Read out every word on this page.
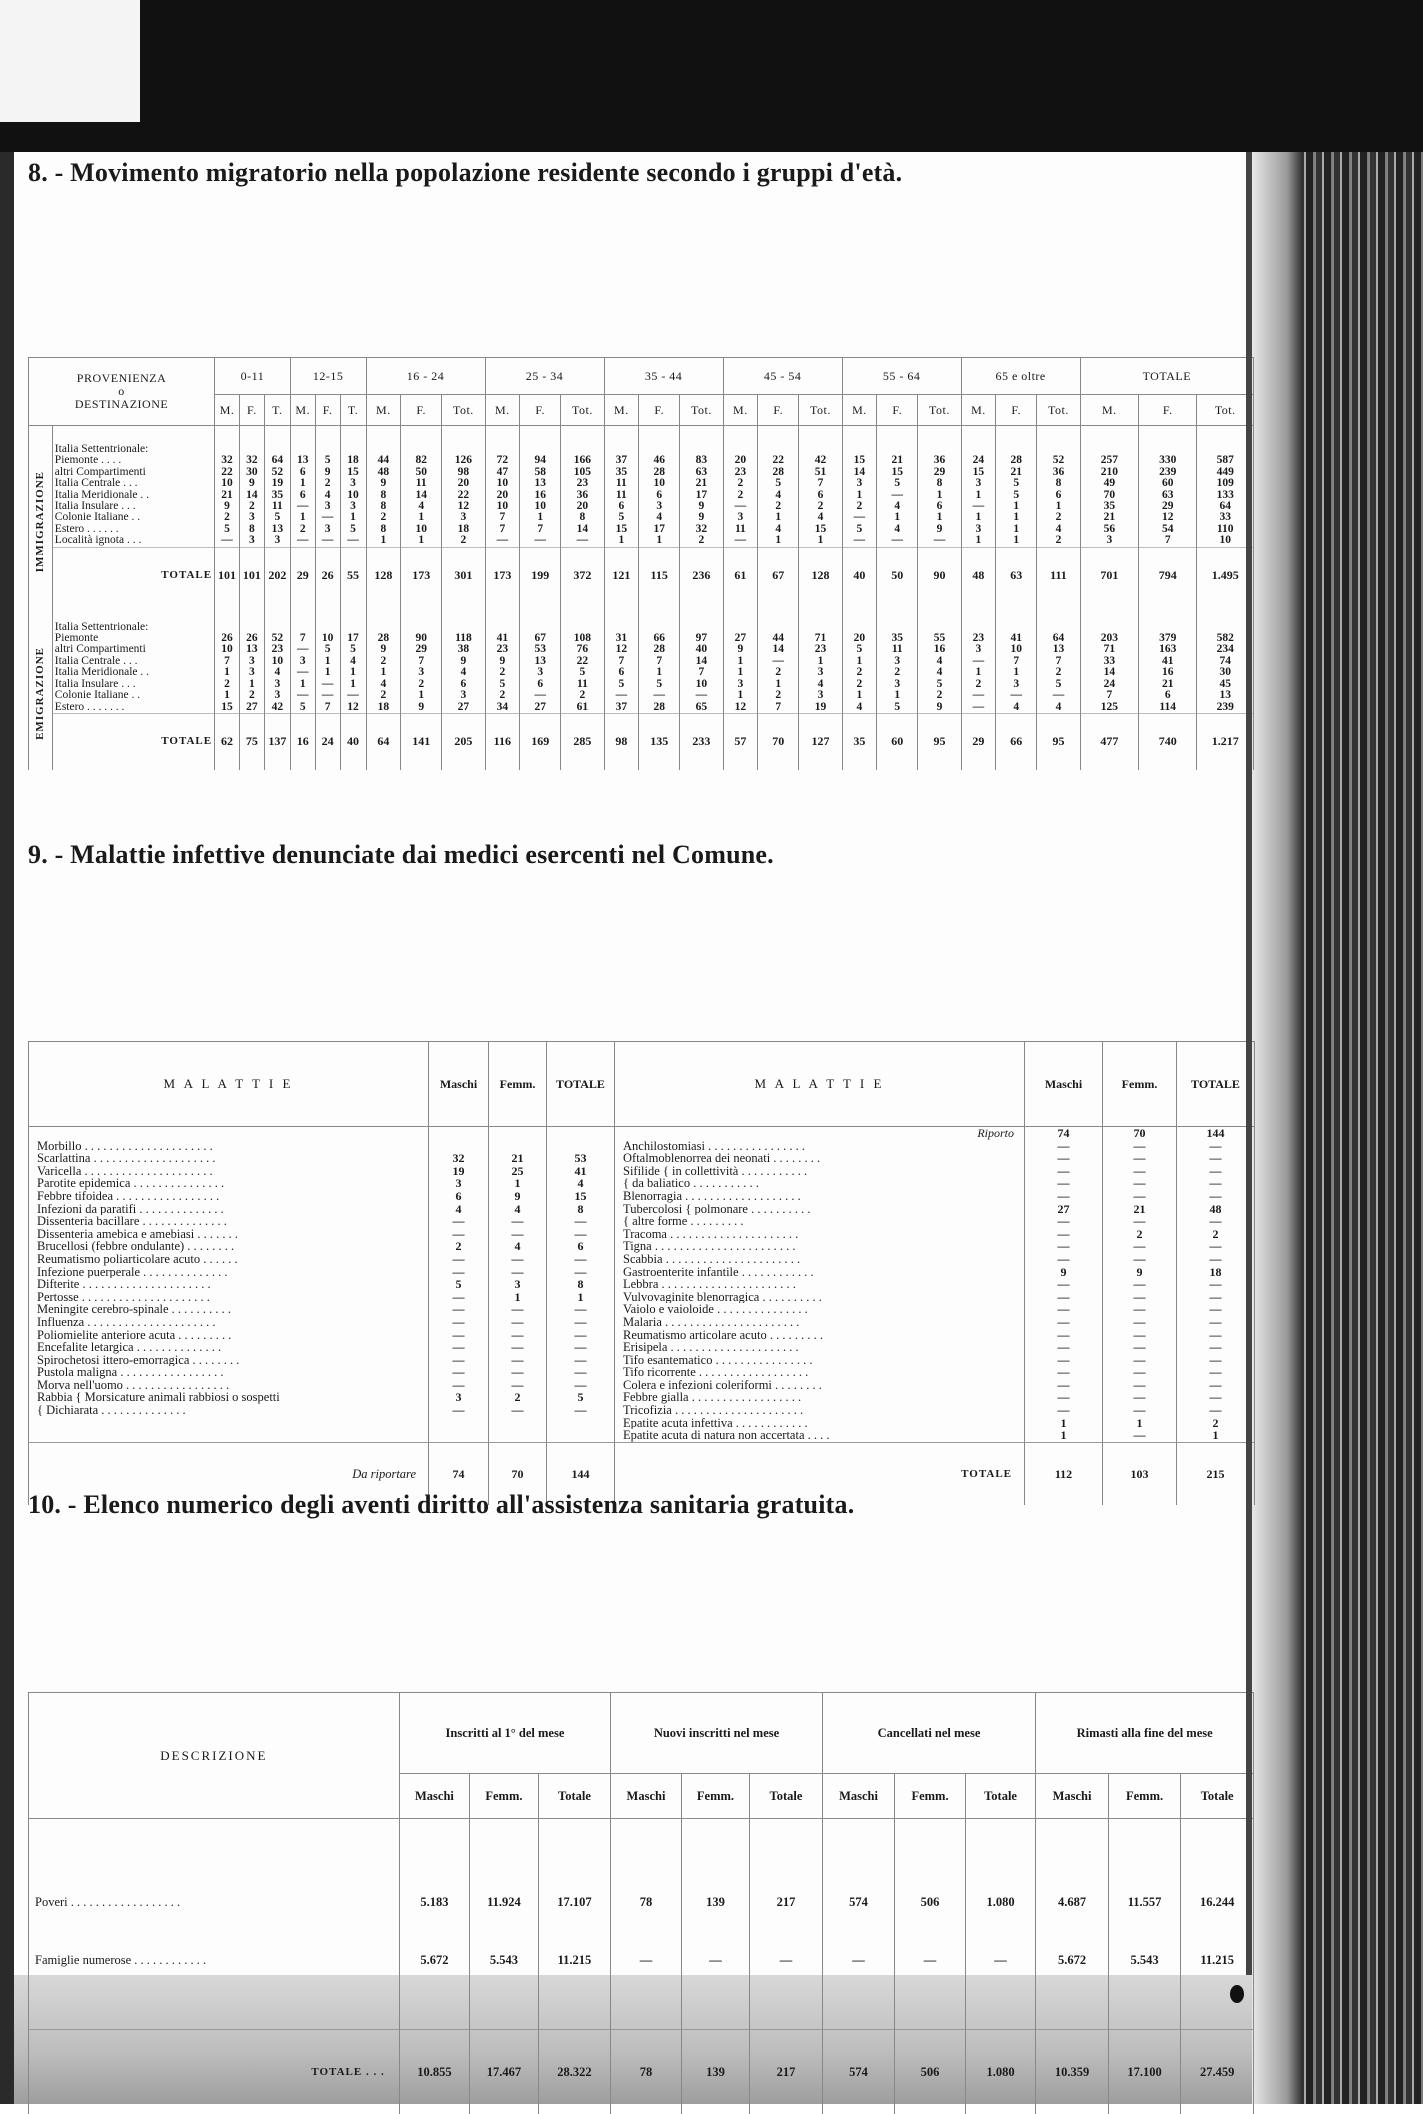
8. - Movimento migratorio nella popolazione residente secondo i gruppi d'età.
PROVENIENZA
o
DESTINAZIONE		0-11			12-15			16 - 24			25 - 34			35 - 44			45 - 54			55 - 64			65 e oltre			TOTALE		
		M.	F.	T.	M.	F.	T.	M.	F.	Tot.	M.	F.	Tot.	M.	F.	Tot.	M.	F.	Tot.	M.	F.	Tot.	M.	F.	Tot.	M.	F.	Tot.
IMMIGRAZIONE	Italia Settentrionale:																											
	Piemonte . . . .	32	32	64	13	5	18	44	82	126	72	94	166	37	46	83	20	22	42	15	21	36	24	28	52	257	330	587
	altri Compartimenti	22	30	52	6	9	15	48	50	98	47	58	105	35	28	63	23	28	51	14	15	29	15	21	36	210	239	449
	Italia Centrale . . .	10	9	19	1	2	3	9	11	20	10	13	23	11	10	21	2	5	7	3	5	8	3	5	8	49	60	109
	Italia Meridionale . .	21	14	35	6	4	10	8	14	22	20	16	36	11	6	17	2	4	6	1	—	1	1	5	6	70	63	133
	Italia Insulare . . .	9	2	11	—	3	3	8	4	12	10	10	20	6	3	9	—	2	2	2	4	6	—	1	1	35	29	64
	Colonie Italiane . .	2	3	5	1	—	1	2	1	3	7	1	8	5	4	9	3	1	4	—	1	1	1	1	2	21	12	33
	Estero . . . . . .	5	8	13	2	3	5	8	10	18	7	7	14	15	17	32	11	4	15	5	4	9	3	1	4	56	54	110
	Località ignota . . .	—	3	3	—	—	—	1	1	2	—	—	—	1	1	2	—	1	1	—	—	—	1	1	2	3	7	10
	TOTALE	101	101	202	29	26	55	128	173	301	173	199	372	121	115	236	61	67	128	40	50	90	48	63	111	701	794	1.495
EMIGRAZIONE	Italia Settentrionale:																											
	Piemonte	26	26	52	7	10	17	28	90	118	41	67	108	31	66	97	27	44	71	20	35	55	23	41	64	203	379	582
	altri Compartimenti	10	13	23	—	5	5	9	29	38	23	53	76	12	28	40	9	14	23	5	11	16	3	10	13	71	163	234
	Italia Centrale . . .	7	3	10	3	1	4	2	7	9	9	13	22	7	7	14	1	—	1	1	3	4	—	7	7	33	41	74
	Italia Meridionale . .	1	3	4	—	1	1	1	3	4	2	3	5	6	1	7	1	2	3	2	2	4	1	1	2	14	16	30
	Italia Insulare . . .	2	1	3	1	—	1	4	2	6	5	6	11	5	5	10	3	1	4	2	3	5	2	3	5	24	21	45
	Colonie Italiane . .	1	2	3	—	—	—	2	1	3	2	—	2	—	—	—	1	2	3	1	1	2	—	—	—	7	6	13
	Estero . . . . . . .	15	27	42	5	7	12	18	9	27	34	27	61	37	28	65	12	7	19	4	5	9	—	4	4	125	114	239
	TOTALE	62	75	137	16	24	40	64	141	205	116	169	285	98	135	233	57	70	127	35	60	95	29	66	95	477	740	1.217
9. - Malattie infettive denunciate dai medici esercenti nel Comune.
M A L A T T I E	Maschi	Femm.	TOTALE	M A L A T T I E	Maschi	Femm.	TOTALE
				Riporto	74	70	144
Morbillo . . . . . . . . . . . . . . . . . . . . .				Anchilostomiasi . . . . . . . . . . . . . . . .	—	—	—
Scarlattina . . . . . . . . . . . . . . . . . . . .	32	21	53	Oftalmoblenorrea dei neonati . . . . . . . .	—	—	—
Varicella . . . . . . . . . . . . . . . . . . . . .	19	25	41	Sifilide { in collettività . . . . . . . . . . .	—	—	—
Parotite epidemica . . . . . . . . . . . . . . .	3	1	4	{ da baliatico . . . . . . . . . . .	—	—	—
Febbre tifoidea . . . . . . . . . . . . . . . . .	6	9	15	Blenorragia . . . . . . . . . . . . . . . . . . .	—	—	—
Infezioni da paratifi . . . . . . . . . . . . . .	4	4	8	Tubercolosi { polmonare . . . . . . . . . .	27	21	48
Dissenteria bacillare . . . . . . . . . . . . . .	—	—	—	{ altre forme . . . . . . . . .	—	—	—
Dissenteria amebica e amebiasi . . . . . . .	—	—	—	Tracoma . . . . . . . . . . . . . . . . . . . . .	—	2	2
Brucellosi (febbre ondulante) . . . . . . . .	2	4	6	Tigna . . . . . . . . . . . . . . . . . . . . . . .	—	—	—
Reumatismo poliarticolare acuto . . . . . .	—	—	—	Scabbia . . . . . . . . . . . . . . . . . . . . . .	—	—	—
Infezione puerperale . . . . . . . . . . . . . .	—	—	—	Gastroenterite infantile . . . . . . . . . . . .	9	9	18
Difterite . . . . . . . . . . . . . . . . . . . . .	5	3	8	Lebbra . . . . . . . . . . . . . . . . . . . . . .	—	—	—
Pertosse . . . . . . . . . . . . . . . . . . . . .	—	1	1	Vulvovaginite blenorragica . . . . . . . . . .	—	—	—
Meningite cerebro-spinale . . . . . . . . . .	—	—	—	Vaiolo e vaioloide . . . . . . . . . . . . . . .	—	—	—
Influenza . . . . . . . . . . . . . . . . . . . . .	—	—	—	Malaria . . . . . . . . . . . . . . . . . . . . . .	—	—	—
Poliomielite anteriore acuta . . . . . . . . .	—	—	—	Reumatismo articolare acuto . . . . . . . . .	—	—	—
Encefalite letargica . . . . . . . . . . . . . .	—	—	—	Erisipela . . . . . . . . . . . . . . . . . . . . .	—	—	—
Spirochetosi ittero-emorragica . . . . . . . .	—	—	—	Tifo esantematico . . . . . . . . . . . . . . . .	—	—	—
Pustola maligna . . . . . . . . . . . . . . . . .	—	—	—	Tifo ricorrente . . . . . . . . . . . . . . . . . .	—	—	—
Morva nell'uomo . . . . . . . . . . . . . . . . .	—	—	—	Colera e infezioni coleriformi . . . . . . . .	—	—	—
Rabbia { Morsicature animali rabbiosi o sospetti	3	2	5	Febbre gialla . . . . . . . . . . . . . . . . . .	—	—	—
{ Dichiarata . . . . . . . . . . . . . .	—	—	—	Tricofizia . . . . . . . . . . . . . . . . . . . . .	—	—	—
				Epatite acuta infettiva . . . . . . . . . . . .	1	1	2
				Epatite acuta di natura non accertata . . . .	1	—	1
Da riportare	74	70	144	TOTALE	112	103	215
10. - Elenco numerico degli aventi diritto all'assistenza sanitaria gratuita.
DESCRIZIONE	Inscritti al 1° del mese			Nuovi inscritti nel mese			Cancellati nel mese			Rimasti alla fine del mese		
	Maschi	Femm.	Totale	Maschi	Femm.	Totale	Maschi	Femm.	Totale	Maschi	Femm.	Totale

Poveri . . . . . . . . . . . . . . . . . .	5.183	11.924	17.107	78	139	217	574	506	1.080	4.687	11.557	16.244
Famiglie numerose . . . . . . . . . . . .	5.672	5.543	11.215	—	—	—	—	—	—	5.672	5.543	11.215

TOTALE . . .	10.855	17.467	28.322	78	139	217	574	506	1.080	10.359	17.100	27.459
